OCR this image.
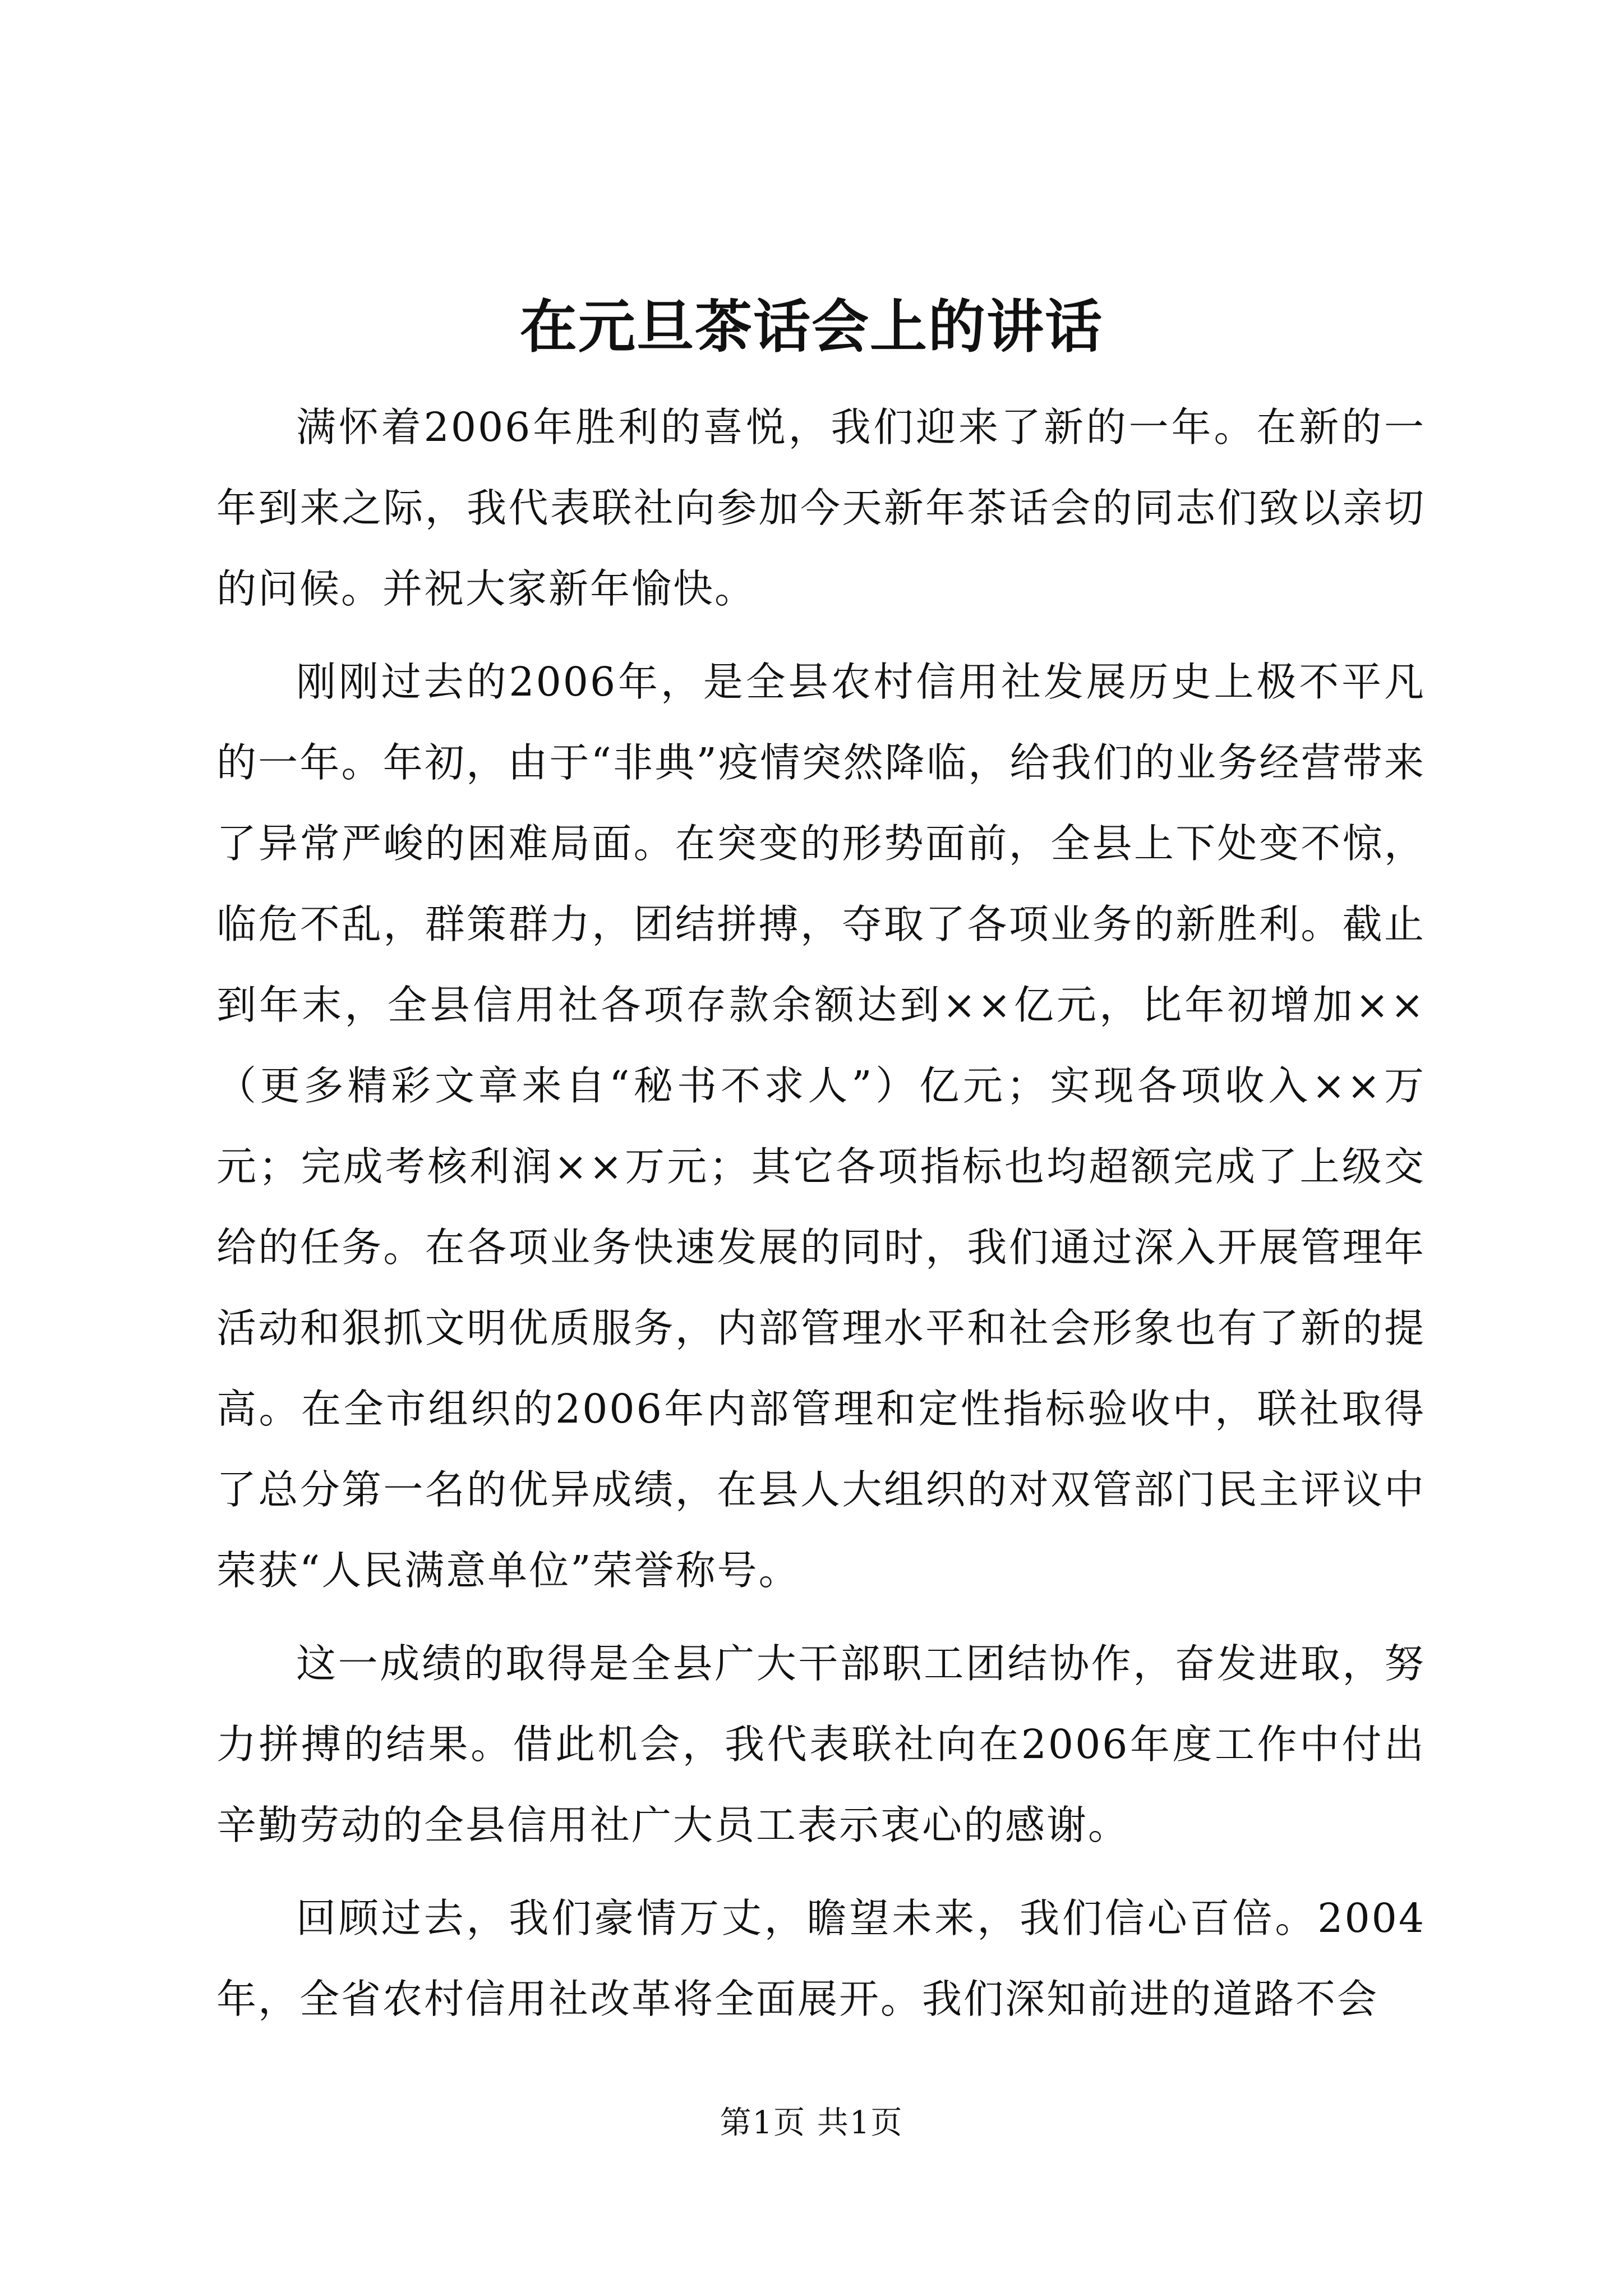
在元旦茶话会上的讲话

满怀着2006年胜利的喜悦，我们迎来了新的一年。在新的一年到来之际，我代表联社向参加今天新年茶话会的同志们致以亲切的问候。并祝大家新年愉快。

刚刚过去的2006年，是全县农村信用社发展历史上极不平凡的一年。年初，由于“非典”疫情突然降临，给我们的业务经营带来了异常严峻的困难局面。在突变的形势面前，全县上下处变不惊，临危不乱，群策群力，团结拼搏，夺取了各项业务的新胜利。截止到年末，全县信用社各项存款余额达到××亿元，比年初增加××（更多精彩文章来自“秘书不求人”）亿元；实现各项收入××万元；完成考核利润××万元；其它各项指标也均超额完成了上级交给的任务。在各项业务快速发展的同时，我们通过深入开展管理年活动和狠抓文明优质服务，内部管理水平和社会形象也有了新的提高。在全市组织的2006年内部管理和定性指标验收中，联社取得了总分第一名的优异成绩，在县人大组织的对双管部门民主评议中荣获“人民满意单位”荣誉称号。

这一成绩的取得是全县广大干部职工团结协作，奋发进取，努力拼搏的结果。借此机会，我代表联社向在2006年度工作中付出辛勤劳动的全县信用社广大员工表示衷心的感谢。

回顾过去，我们豪情万丈，瞻望未来，我们信心百倍。2004年，全省农村信用社改革将全面展开。我们深知前进的道路不会

第1页 共1页
